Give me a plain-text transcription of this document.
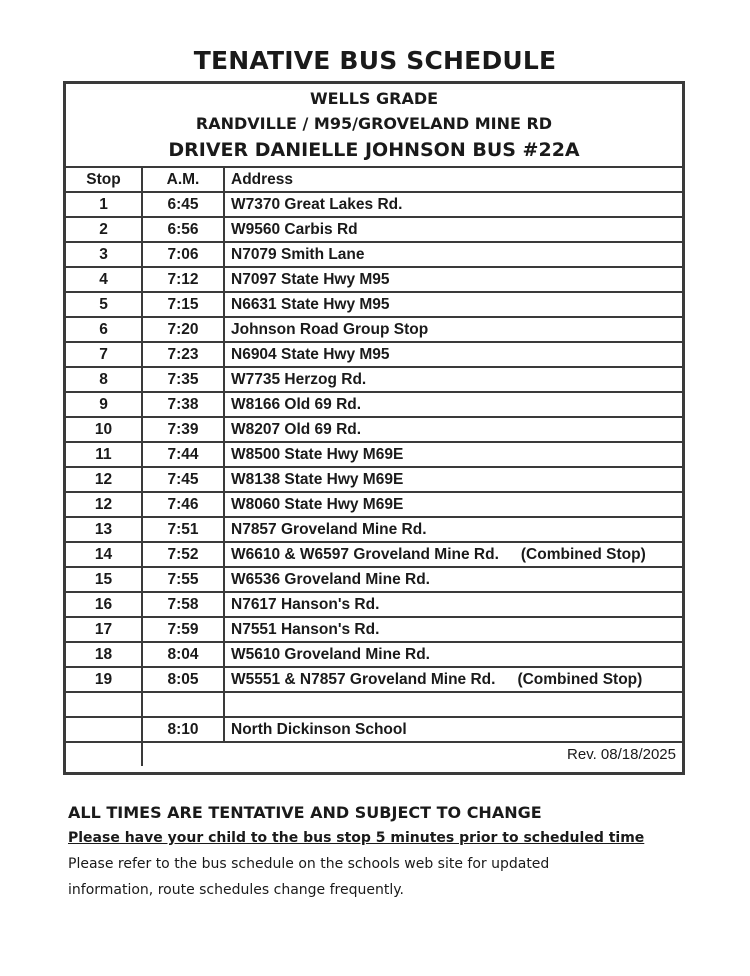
TENATIVE BUS SCHEDULE
WELLS GRADE
RANDVILLE / M95/GROVELAND MINE RD
DRIVER DANIELLE JOHNSON BUS #22A
Stop	A.M.	Address
1	6:45	W7370 Great Lakes Rd.
2	6:56	W9560 Carbis Rd
3	7:06	N7079 Smith Lane
4	7:12	N7097 State Hwy M95
5	7:15	N6631 State Hwy M95
6	7:20	Johnson Road Group Stop
7	7:23	N6904 State Hwy M95
8	7:35	W7735 Herzog Rd.
9	7:38	W8166 Old 69 Rd.
10	7:39	W8207 Old 69 Rd.
11	7:44	W8500 State Hwy M69E
12	7:45	W8138 State Hwy M69E
12	7:46	W8060 State Hwy M69E
13	7:51	N7857 Groveland Mine Rd.
14	7:52	W6610 & W6597 Groveland Mine Rd. (Combined Stop)
15	7:55	W6536 Groveland Mine Rd.
16	7:58	N7617 Hanson's Rd.
17	7:59	N7551 Hanson's Rd.
18	8:04	W5610 Groveland Mine Rd.
19	8:05	W5551 & N7857 Groveland Mine Rd. (Combined Stop)

	8:10	North Dickinson School
	Rev. 08/18/2025	
ALL TIMES ARE TENTATIVE AND SUBJECT TO CHANGE
Please have your child to the bus stop 5 minutes prior to scheduled time
Please refer to the bus schedule on the schools web site for updated
information, route schedules change frequently.
